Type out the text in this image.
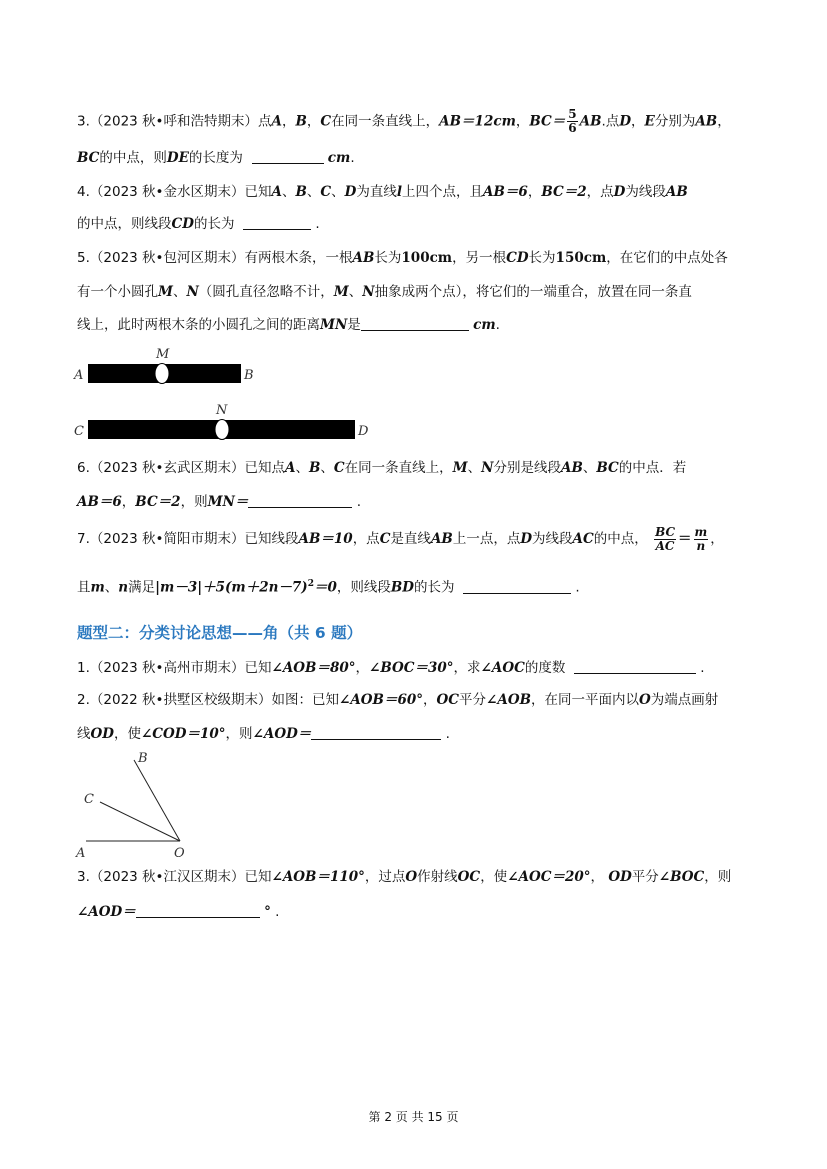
3.（2023 秋•呼和浩特期末）点A，B，C在同一条直线上，AB＝12cm，$BC= \frac{5}{6}$ AB.点D，E分别为AB，
BC的中点，则DE的长度为	cm.
4.（2023 秋•金水区期末）已知A、B、C、D为直线l上四个点，且AB＝6，BC＝2，点D为线段AB
的中点，则线段CD的长为	.
5.（2023 秋•包河区期末）有两根木条，一根AB长为100cm，另一根CD长为150cm，在它们的中点处各
有一个小圆孔M、N（圆孔直径忽略不计，M、N抽象成两个点），将它们的一端重合，放置在同一条直
线上，此时两根木条的小圆孔之间的距离MN是	cm.
A	B
M
C	D
N
6.（2023 秋•玄武区期末）已知点A、B、C在同一条直线上，M、N分别是线段AB、BC的中点．若
AB＝6，BC＝2，则MN＝	.
7.（2023 秋•简阳市期末）已知线段AB＝10，点C是直线AB上一点，点D为线段AC的中点， $\frac{BC}{AC} = \frac{m}{n}$ ，
且m、n满足$|m-3|+5(m+2n-7)^2=0$，则线段BD的长为	.
题型二：分类讨论思想——角（共 6 题）
1.（2023 秋•高州市期末）已知∠AOB＝80°，∠BOC＝30°，求∠AOC的度数	.
2.（2022 秋•拱墅区校级期末）如图：已知∠AOB＝60°，OC平分∠AOB，在同一平面内以O为端点画射
线OD，使∠COD＝10°，则∠AOD＝	.
B
C
A	O
3.（2023 秋•江汉区期末）已知∠AOB＝110°，过点O作射线OC，使∠AOC＝20°， OD平分∠BOC，则
∠AOD＝	° .
第 2 页 共 15 页
